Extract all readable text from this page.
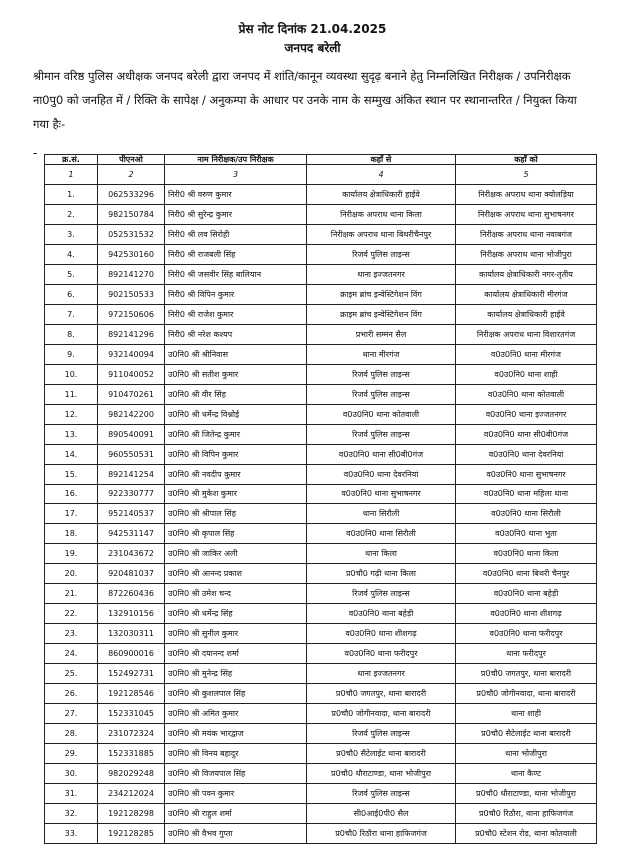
प्रेस नोट दिनांक 21.04.2025
जनपद बरेली
श्रीमान वरिष्ठ पुलिस अधीक्षक जनपद बरेली द्वारा जनपद में शांति/कानून व्यवस्था सुदृढ़ बनाने हेतु निम्नलिखित निरीक्षक / उपनिरीक्षक ना0पु0 को जनहित में / रिक्ति के सापेक्ष / अनुकम्पा के आधार पर उनके नाम के सम्मुख अंकित स्थान पर स्थानान्तरित / नियुक्त किया गया हैः-
-	क्र.सं.	पीएनओ	नाम निरीक्षक/उप निरीक्षक	कहाँ से	कहाँ को
1	2	3	4	5
1.	062533296	निरी0 श्री वरुण कुमार	कार्यालय क्षेत्राधिकारी हाईवे	निरीक्षक अपराध थाना क्योलड़िया
2.	982150784	निरी0 श्री सुरेन्द्र कुमार	निरीक्षक अपराध थाना किला	निरीक्षक अपराध थाना सुभाषनगर
3.	052531532	निरी0 श्री लव सिरोही	निरीक्षक अपराध थाना बिथरीचैनपुर	निरीक्षक अपराध थाना नवाबगंज
4.	942530160	निरी0 श्री राजबली सिंह	रिजर्व पुलिस लाइन्स	निरीक्षक अपराध थाना भोजीपुरा
5.	892141270	निरी0 श्री जसवीर सिंह बालियान	थाना इज्जतनगर	कार्यालय क्षेत्राधिकारी नगर-तृतीय
6.	902150533	निरी0 श्री विपिन कुमार	क्राइम ब्रांच इन्वेस्टिगेशन विंग	कार्यालय क्षेत्राधिकारी मीरगंज
7.	972150606	निरी0 श्री राजेश कुमार	क्राइम ब्रांच इन्वेस्टिगेशन विंग	कार्यालय क्षेत्राधिकारी हाईवे
8.	892141296	निरी0 श्री नरेश कश्यप	प्रभारी सम्मन सैल	निरीक्षक अपराध थाना विशारतगंज
9.	932140094	उ0नि0 श्री श्रीनिवास	थाना मीरगंज	व0उ0नि0 थाना मीरगंज
10.	911040052	उ0नि0 श्री सतीश कुमार	रिजर्व पुलिस लाइन्स	व0उ0नि0 थाना शाही
11.	910470261	उ0नि0 श्री वीर सिंह	रिजर्व पुलिस लाइन्स	व0उ0नि0 थाना कोतवाली
12.	982142200	उ0नि0 श्री धर्मेन्द्र विश्नोई	व0उ0नि0 थाना कोतवाली	व0उ0नि0 थाना इज्जतनगर
13.	890540091	उ0नि0 श्री जितेन्द्र कुमार	रिजर्व पुलिस लाइन्स	व0उ0नि0 थाना सी0बी0गंज
14.	960550531	उ0नि0 श्री विपिन कुमार	व0उ0नि0 थाना सी0बी0गंज	व0उ0नि0 थाना देवरनियां
15.	892141254	उ0नि0 श्री नवदीप कुमार	व0उ0नि0 थाना देवरनियां	व0उ0नि0 थाना सुभाषनगर
16.	922330777	उ0नि0 श्री मुकेश कुमार	व0उ0नि0 थाना सुभाषनगर	व0उ0नि0 थाना महिला थाना
17.	952140537	उ0नि0 श्री श्रीपाल सिंह	थाना सिरौली	व0उ0नि0 थाना सिरौली
18.	942531147	उ0नि0 श्री कृपाल सिंह	व0उ0नि0 थाना सिरौली	व0उ0नि0 थाना भुता
19.	231043672	उ0नि0 श्री जाकिर अली	थाना किला	व0उ0नि0 थाना किला
20.	920481037	उ0नि0 श्री आनन्द प्रकाश	प्र0चौ0 गढ़ी थाना किला	व0उ0नि0 थाना बिथरी चैनपुर
21.	872260436	उ0नि0 श्री उमेश चन्द	रिजर्व पुलिस लाइन्स	व0उ0नि0 थाना बहेड़ी
22.	132910156	उ0नि0 श्री धर्मेन्द्र सिंह	व0उ0नि0 थाना बहेड़ी	व0उ0नि0 थाना शीशगढ़
23.	132030311	उ0नि0 श्री सुनील कुमार	व0उ0नि0 थाना शीशगढ़	व0उ0नि0 थाना फरीदपुर
24.	860900016	उ0नि0 श्री दयानन्द शर्मा	व0उ0नि0 थाना फरीदपुर	थाना फरीदपुर
25.	152492731	उ0नि0 श्री मुनेन्द्र सिंह	थाना इज्जतनगर	प्र0चौ0 जगतपुर, थाना बारादरी
26.	192128546	उ0नि0 श्री कुशलपाल सिंह	प्र0चौ0 जगतपुर, थाना बारादरी	प्र0चौ0 जोगीनवादा, थाना बारादरी
27.	152331045	उ0नि0 श्री अमित कुमार	प्र0चौ0 जोगीनवादा, थाना बारादरी	थाना शाही
28.	231072324	उ0नि0 श्री मयंक भारद्वाज	रिजर्व पुलिस लाइन्स	प्र0चौ0 सैटेलाईट थाना बारादरी
29.	152331885	उ0नि0 श्री विनय बहादुर	प्र0चौ0 सैटेलाईट थाना बारादरी	थाना भोजीपुरा
30.	982029248	उ0नि0 श्री विजयपाल सिंह	प्र0चौ0 धौराटाण्डा, थाना भोजीपुरा	थाना कैण्ट
31.	234212024	उ0नि0 श्री पवन कुमार	रिजर्व पुलिस लाइन्स	प्र0चौ0 धौराटाण्डा, थाना भोजीपुरा
32.	192128298	उ0नि0 श्री राहुल शर्मा	सी0आई0पी0 सैल	प्र0चौ0 रिठौरा, थाना हाफिजगंज
33.	192128285	उ0नि0 श्री वैभव गुप्ता	प्र0चौ0 रिठौरा थाना हाफिजगंज	प्र0चौ0 स्टेशन रोड, थाना कोतवाली
